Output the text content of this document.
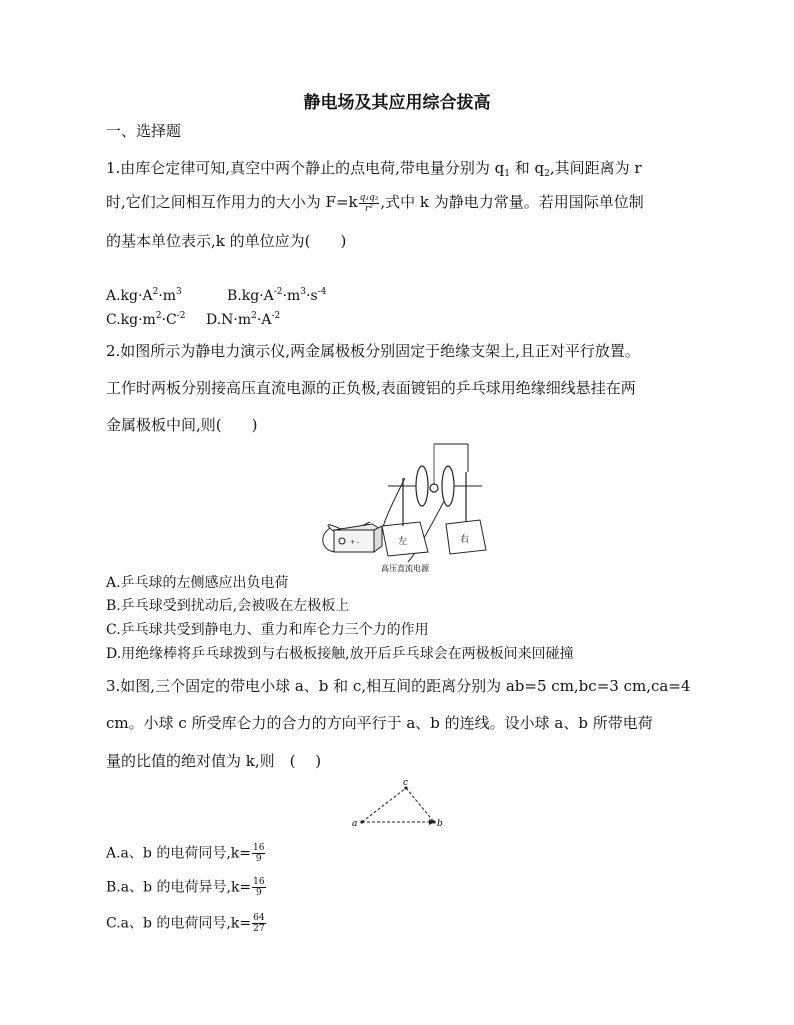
静电场及其应用综合拔高
一、选择题
1.由库仑定律可知,真空中两个静止的点电荷,带电量分别为 $q_1$ 和 $q_2$,其间距离为 r
时,它们之间相互作用力的大小为 $F=k \frac{\text{q₁q₂}}{\text{r²}}$ ,式中 k 为静电力常量。若用国际单位制
的基本单位表示,k 的单位应为(　　)
$A.kg\cdot A^2\cdot m^3$	$B.kg\cdot A^{-2}\cdot m^3\cdot s^{-4}$
$C.kg\cdot m^2\cdot C^{-2}$ $D.N\cdot m^2\cdot A^{-2}$
2.如图所示为静电力演示仪,两金属极板分别固定于绝缘支架上,且正对平行放置。
工作时两板分别接高压直流电源的正负极,表面镀铝的乒乓球用绝缘细线悬挂在两
金属极板中间,则(　　)
+ -	左	右
高压直流电源
A.乒乓球的左侧感应出负电荷
B.乒乓球受到扰动后,会被吸在左极板上
C.乒乓球共受到静电力、重力和库仑力三个力的作用
D.用绝缘棒将乒乓球拨到与右极板接触,放开后乒乓球会在两极板间来回碰撞
3.如图,三个固定的带电小球 a、b 和 c,相互间的距离分别为 ab=5 cm,bc=3 cm,ca=4
cm。小球 c 所受库仑力的合力的方向平行于 a、b 的连线。设小球 a、b 所带电荷
量的比值的绝对值为 k,则　( 　)
a	b
c
A.a、b 的电荷同号$,k= \frac{16}{9}$
B.a、b 的电荷异号$,k= \frac{16}{9}$
C.a、b 的电荷同号$,k= \frac{64}{27}$
